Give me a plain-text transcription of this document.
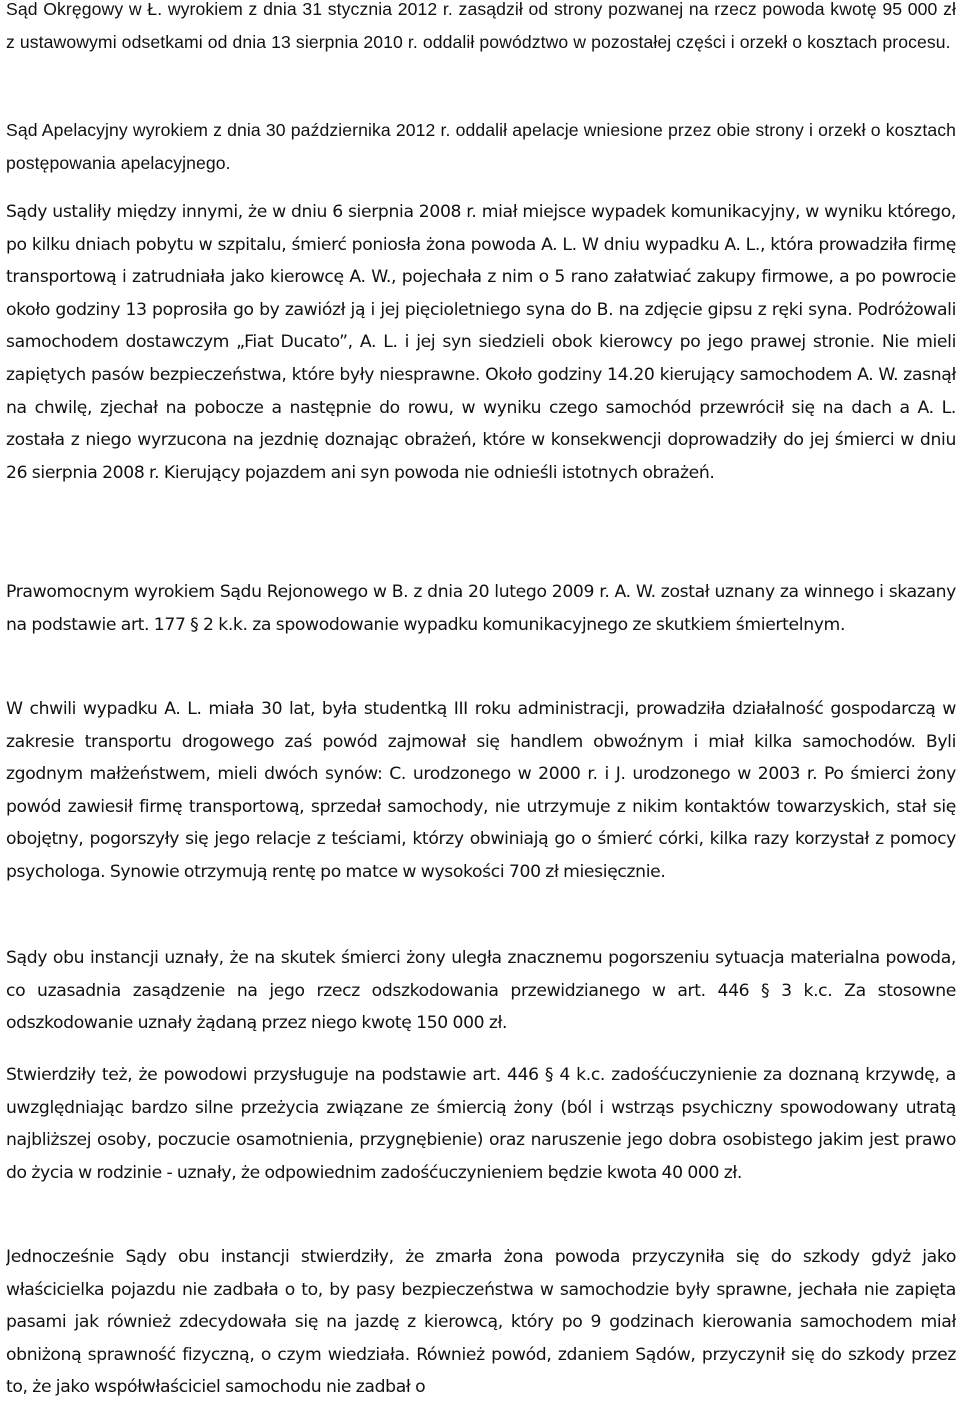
Sąd Okręgowy w Ł. wyrokiem z dnia 31 stycznia 2012 r. zasądził od strony pozwanej na rzecz powoda kwotę 95 000 zł z ustawowymi odsetkami od dnia 13 sierpnia 2010 r. oddalił powództwo w pozostałej części i orzekł o kosztach procesu.

Sąd Apelacyjny wyrokiem z dnia 30 października 2012 r. oddalił apelacje wniesione przez obie strony i orzekł o kosztach postępowania apelacyjnego.

Sądy ustaliły między innymi, że w dniu 6 sierpnia 2008 r. miał miejsce wypadek komunikacyjny, w wyniku którego, po kilku dniach pobytu w szpitalu, śmierć poniosła żona powoda A. L. W dniu wypadku A. L., która prowadziła firmę transportową i zatrudniała jako kierowcę A. W., pojechała z nim o 5 rano załatwiać zakupy firmowe, a po powrocie około godziny 13 poprosiła go by zawiózł ją i jej pięcioletniego syna do B. na zdjęcie gipsu z ręki syna. Podróżowali samochodem dostawczym „Fiat Ducato”, A. L. i jej syn siedzieli obok kierowcy po jego prawej stronie. Nie mieli zapiętych pasów bezpieczeństwa, które były niesprawne. Około godziny 14.20 kierujący samochodem A. W. zasnął na chwilę, zjechał na pobocze a następnie do rowu, w wyniku czego samochód przewrócił się na dach a A. L. została z niego wyrzucona na jezdnię doznając obrażeń, które w konsekwencji doprowadziły do jej śmierci w dniu 26 sierpnia 2008 r. Kierujący pojazdem ani syn powoda nie odnieśli istotnych obrażeń.

Prawomocnym wyrokiem Sądu Rejonowego w B. z dnia 20 lutego 2009 r. A. W. został uznany za winnego i skazany na podstawie art. 177 § 2 k.k. za spowodowanie wypadku komunikacyjnego ze skutkiem śmiertelnym.

W chwili wypadku A. L. miała 30 lat, była studentką III roku administracji, prowadziła działalność gospodarczą w zakresie transportu drogowego zaś powód zajmował się handlem obwoźnym i miał kilka samochodów. Byli zgodnym małżeństwem, mieli dwóch synów: C. urodzonego w 2000 r. i J. urodzonego w 2003 r. Po śmierci żony powód zawiesił firmę transportową, sprzedał samochody, nie utrzymuje z nikim kontaktów towarzyskich, stał się obojętny, pogorszyły się jego relacje z teściami, którzy obwiniają go o śmierć córki, kilka razy korzystał z pomocy psychologa. Synowie otrzymują rentę po matce w wysokości 700 zł miesięcznie.

Sądy obu instancji uznały, że na skutek śmierci żony uległa znacznemu pogorszeniu sytuacja materialna powoda, co uzasadnia zasądzenie na jego rzecz odszkodowania przewidzianego w art. 446 § 3 k.c. Za stosowne odszkodowanie uznały żądaną przez niego kwotę 150 000 zł.

Stwierdziły też, że powodowi przysługuje na podstawie art. 446 § 4 k.c. zadośćuczynienie za doznaną krzywdę, a uwzględniając bardzo silne przeżycia związane ze śmiercią żony (ból i wstrząs psychiczny spowodowany utratą najbliższej osoby, poczucie osamotnienia, przygnębienie) oraz naruszenie jego dobra osobistego jakim jest prawo do życia w rodzinie - uznały, że odpowiednim zadośćuczynieniem będzie kwota 40 000 zł.

Jednocześnie Sądy obu instancji stwierdziły, że zmarła żona powoda przyczyniła się do szkody gdyż jako właścicielka pojazdu nie zadbała o to, by pasy bezpieczeństwa w samochodzie były sprawne, jechała nie zapięta pasami jak również zdecydowała się na jazdę z kierowcą, który po 9 godzinach kierowania samochodem miał obniżoną sprawność fizyczną, o czym wiedziała. Również powód, zdaniem Sądów, przyczynił się do szkody przez to, że jako współwłaściciel samochodu nie zadbał o
